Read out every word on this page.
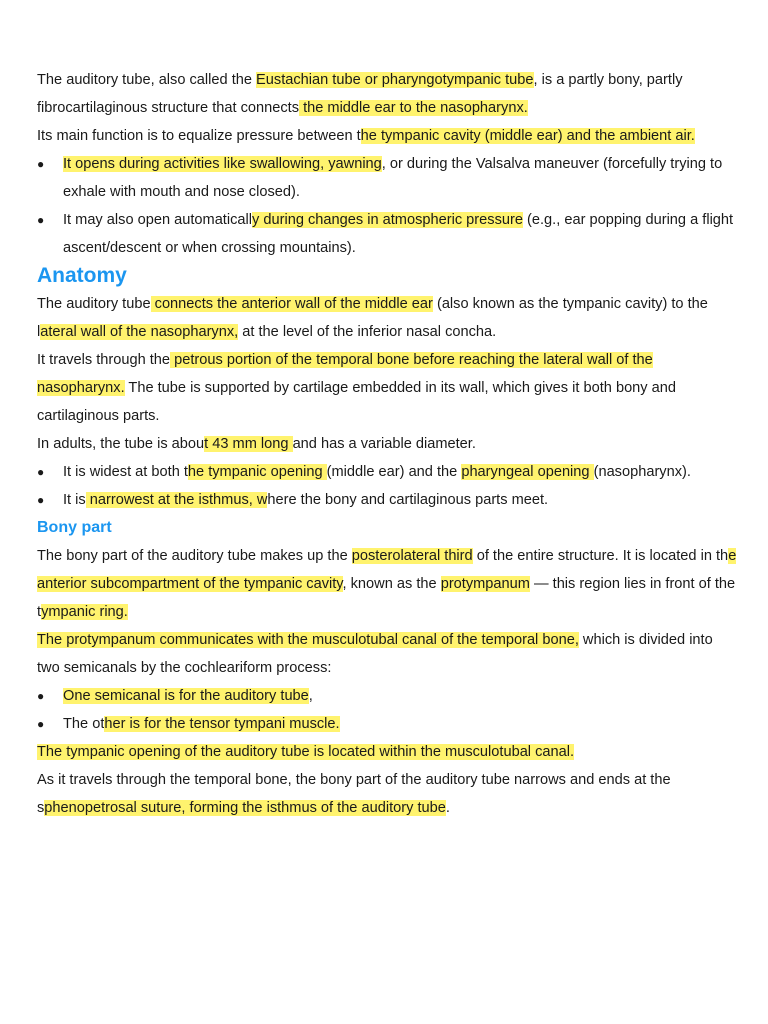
The auditory tube, also called the Eustachian tube or pharyngotympanic tube, is a partly bony, partly fibrocartilaginous structure that connects the middle ear to the nasopharynx.

Its main function is to equalize pressure between the tympanic cavity (middle ear) and the ambient air.

● It opens during activities like swallowing, yawning, or during the Valsalva maneuver (forcefully trying to exhale with mouth and nose closed).
● It may also open automatically during changes in atmospheric pressure (e.g., ear popping during a flight ascent/descent or when crossing mountains).
Anatomy

The auditory tube connects the anterior wall of the middle ear (also known as the tympanic cavity) to the lateral wall of the nasopharynx, at the level of the inferior nasal concha.

It travels through the petrous portion of the temporal bone before reaching the lateral wall of the nasopharynx. The tube is supported by cartilage embedded in its wall, which gives it both bony and cartilaginous parts.

In adults, the tube is about 43 mm long and has a variable diameter.

● It is widest at both the tympanic opening (middle ear) and the pharyngeal opening (nasopharynx).
● It is narrowest at the isthmus, where the bony and cartilaginous parts meet.
Bony part

The bony part of the auditory tube makes up the posterolateral third of the entire structure. It is located in the anterior subcompartment of the tympanic cavity, known as the protympanum — this region lies in front of the tympanic ring.

The protympanum communicates with the musculotubal canal of the temporal bone, which is divided into two semicanals by the cochleariform process:

● One semicanal is for the auditory tube,
● The other is for the tensor tympani muscle.

The tympanic opening of the auditory tube is located within the musculotubal canal.

As it travels through the temporal bone, the bony part of the auditory tube narrows and ends at the sphenopetrosal suture, forming the isthmus of the auditory tube.
